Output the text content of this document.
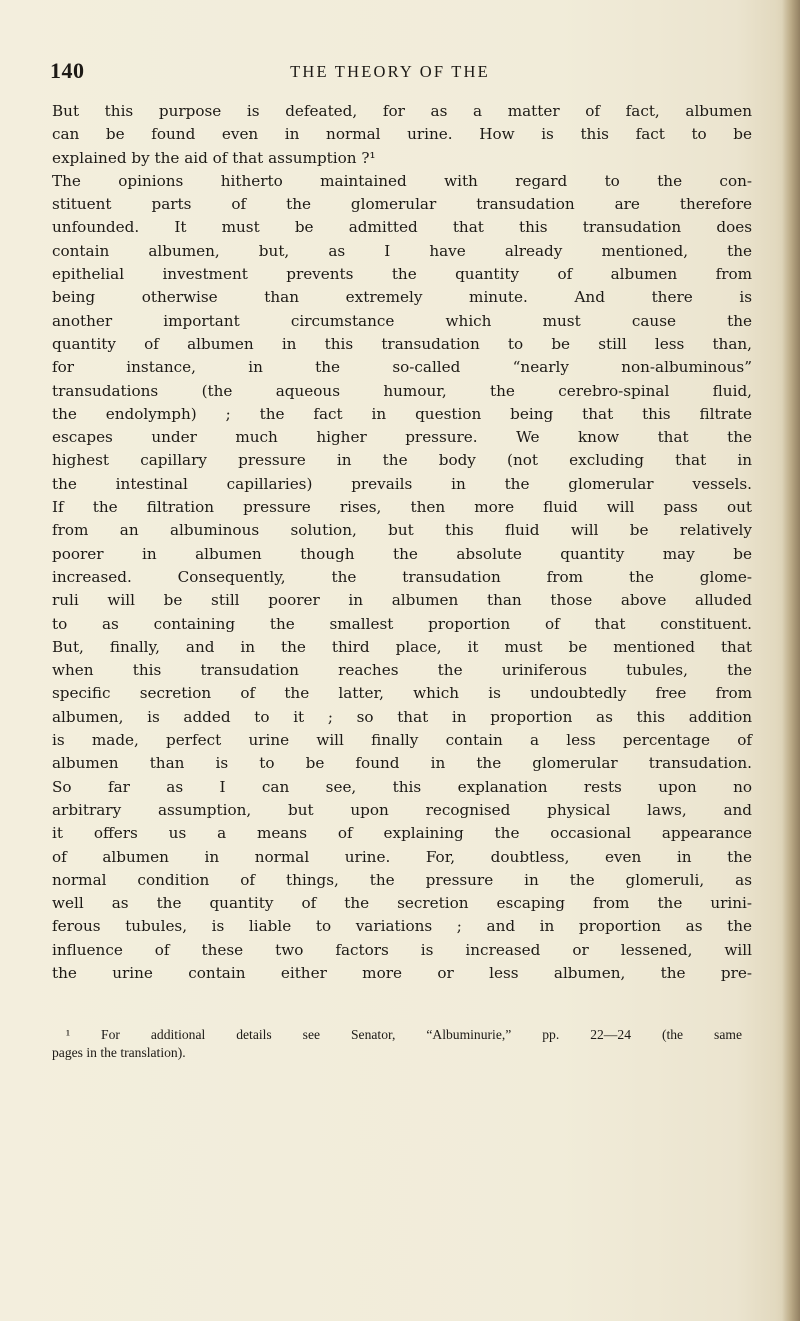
140	THE THEORY OF THE
But this purpose is defeated, for as a matter of fact, albumen
can be found even in normal urine. How is this fact to be
explained by the aid of that assumption ?¹
The opinions hitherto maintained with regard to the con-
stituent parts of the glomerular transudation are therefore
unfounded. It must be admitted that this transudation does
contain albumen, but, as I have already mentioned, the
epithelial investment prevents the quantity of albumen from
being otherwise than extremely minute. And there is
another important circumstance which must cause the
quantity of albumen in this transudation to be still less than,
for instance, in the so-called “nearly non-albuminous”
transudations (the aqueous humour, the cerebro-spinal fluid,
the endolymph) ; the fact in question being that this filtrate
escapes under much higher pressure. We know that the
highest capillary pressure in the body (not excluding that in
the intestinal capillaries) prevails in the glomerular vessels.
If the filtration pressure rises, then more fluid will pass out
from an albuminous solution, but this fluid will be relatively
poorer in albumen though the absolute quantity may be
increased. Consequently, the transudation from the glome-
ruli will be still poorer in albumen than those above alluded
to as containing the smallest proportion of that constituent.
But, finally, and in the third place, it must be mentioned that
when this transudation reaches the uriniferous tubules, the
specific secretion of the latter, which is undoubtedly free from
albumen, is added to it ; so that in proportion as this addition
is made, perfect urine will finally contain a less percentage of
albumen than is to be found in the glomerular transudation.
So far as I can see, this explanation rests upon no
arbitrary assumption, but upon recognised physical laws, and
it offers us a means of explaining the occasional appearance
of albumen in normal urine. For, doubtless, even in the
normal condition of things, the pressure in the glomeruli, as
well as the quantity of the secretion escaping from the urini-
ferous tubules, is liable to variations ; and in proportion as the
influence of these two factors is increased or lessened, will
the urine contain either more or less albumen, the pre-
¹ For additional details see Senator, “Albuminurie,” pp. 22—24 (the same
pages in the translation).
